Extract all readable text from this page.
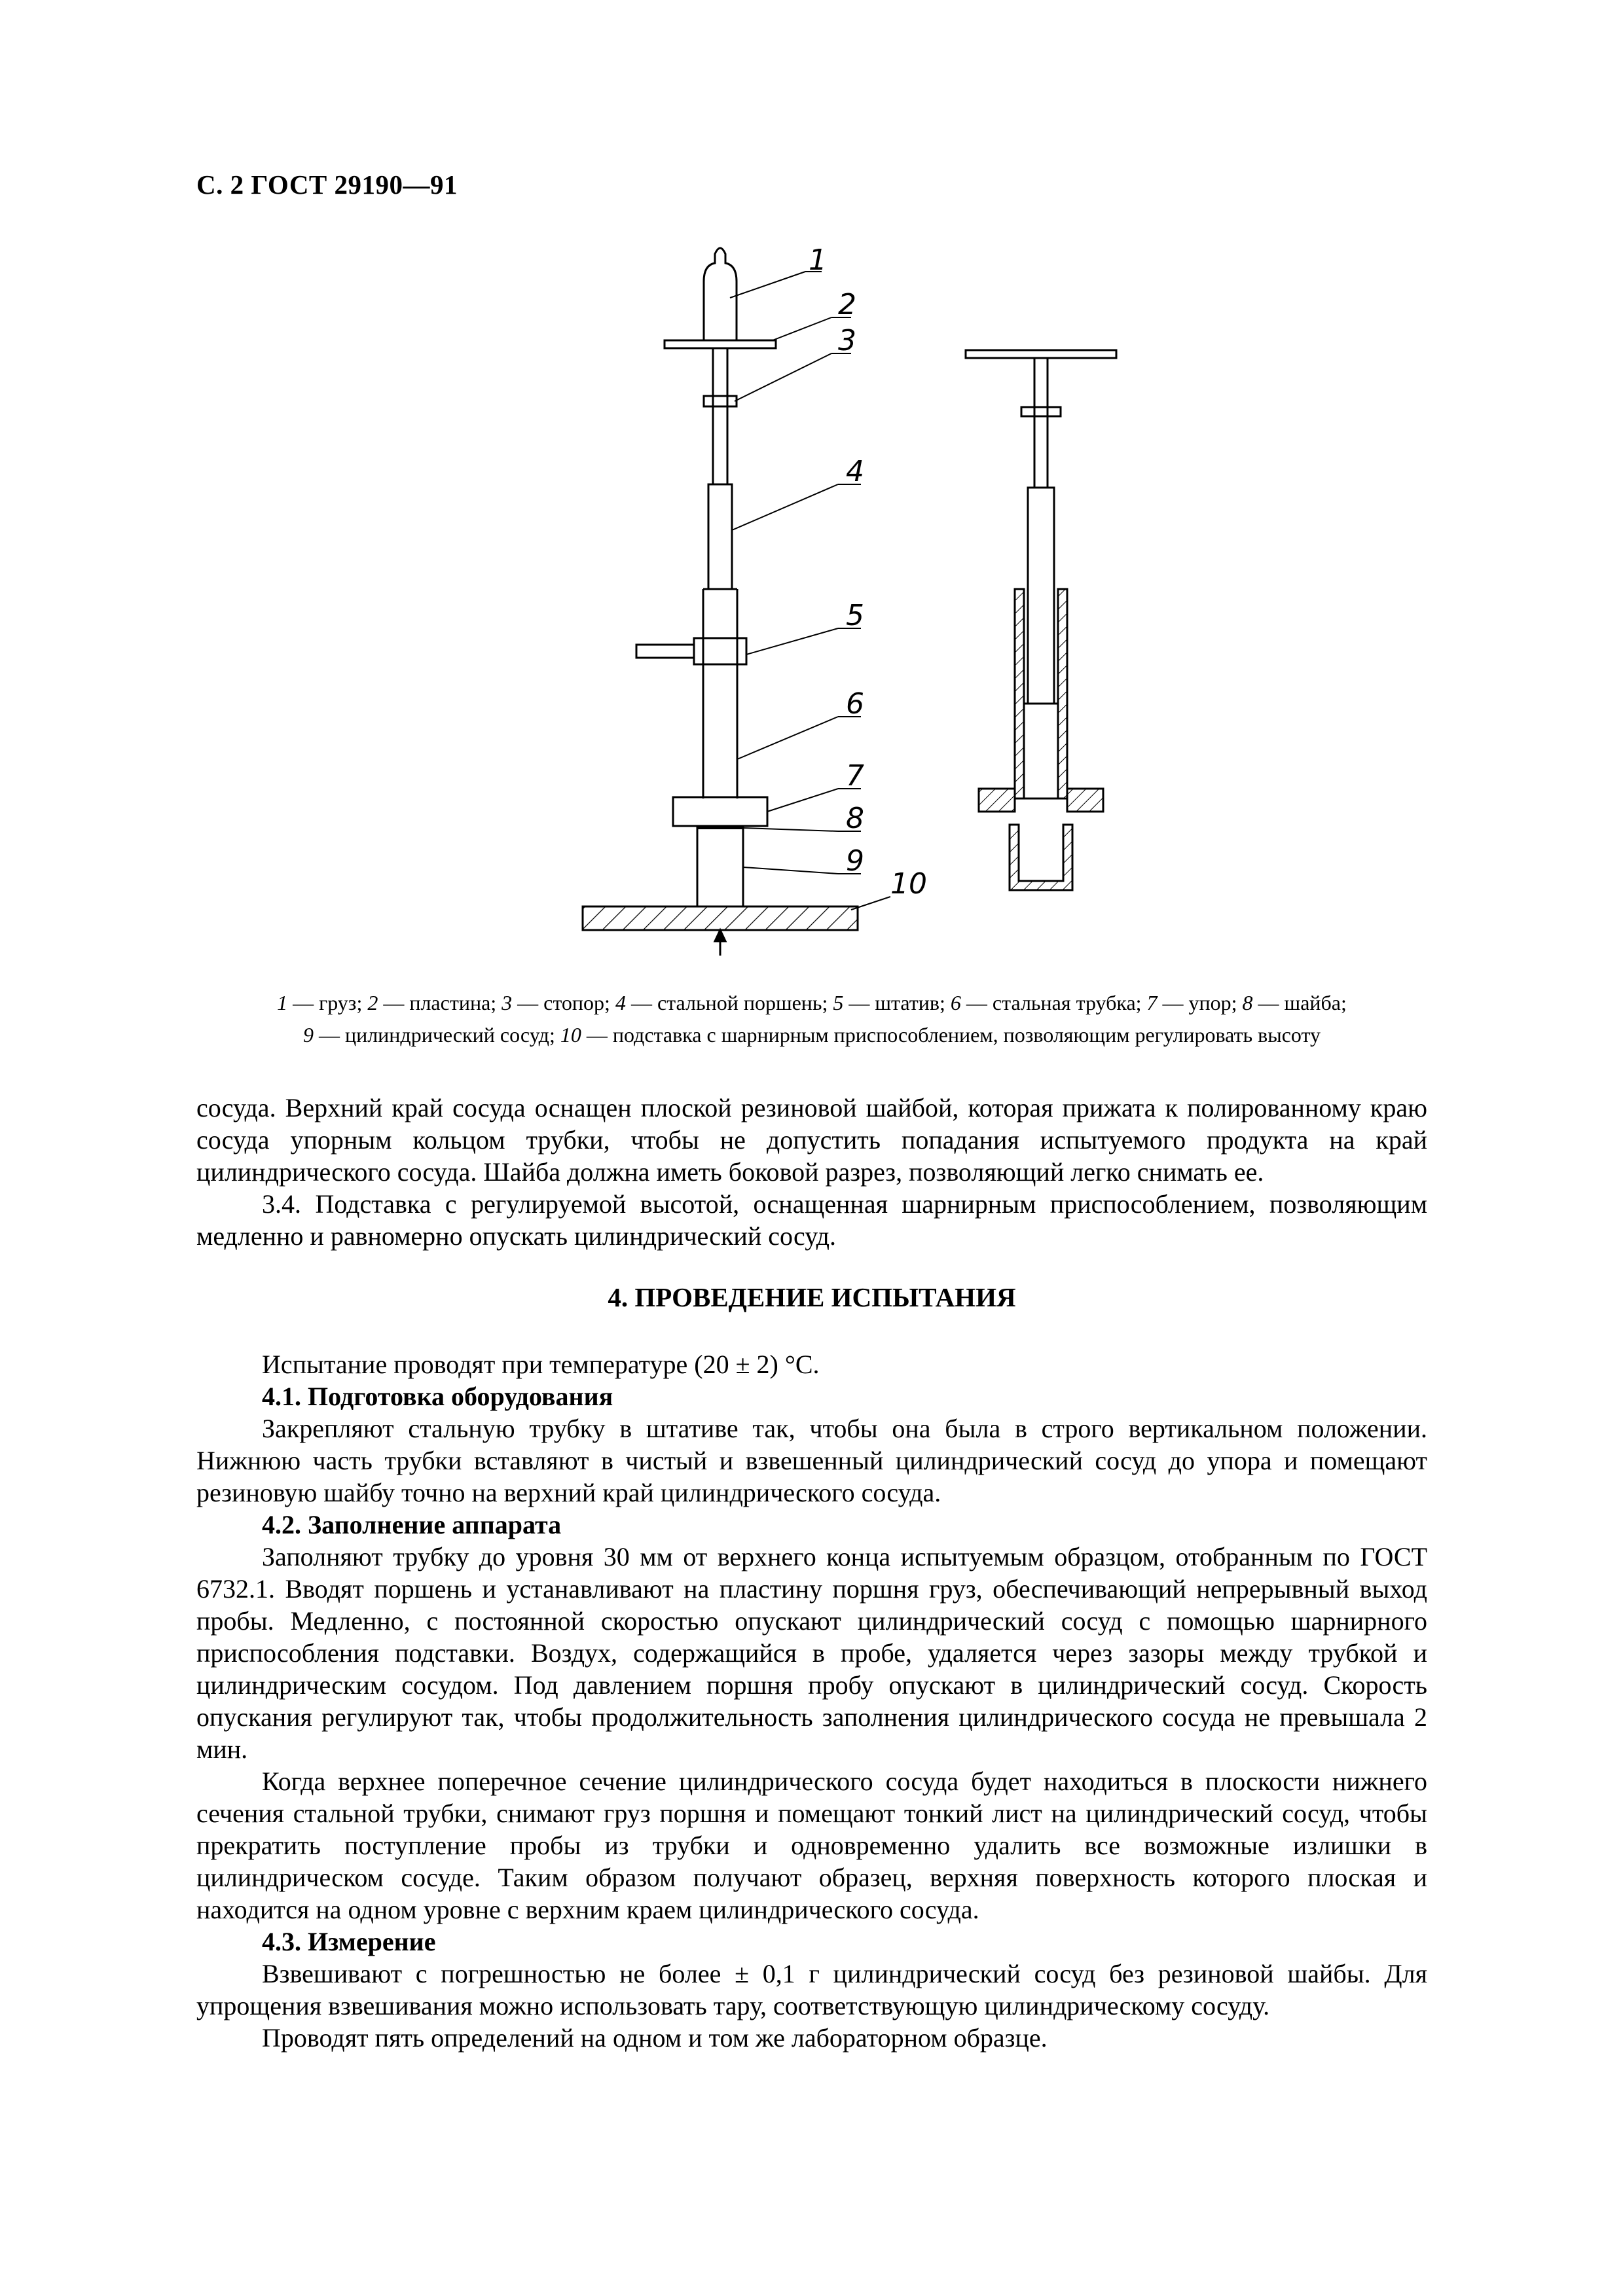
С. 2 ГОСТ 29190—91
1
2
3
4
5
6
7
8
9
10

1 — груз; 2 — пластина; 3 — стопор; 4 — стальной поршень; 5 — штатив; 6 — стальная трубка; 7 — упор; 8 — шайба;

9 — цилиндрический сосуд; 10 — подставка с шарнирным приспособлением, позволяющим регулировать высоту

сосуда. Верхний край сосуда оснащен плоской резиновой шайбой, которая прижата к полированному краю сосуда упорным кольцом трубки, чтобы не допустить попадания испытуемого продукта на край цилиндрического сосуда. Шайба должна иметь боковой разрез, позволяющий легко снимать ее.

3.4. Подставка с регулируемой высотой, оснащенная шарнирным приспособлением, позволяющим медленно и равномерно опускать цилиндрический сосуд.

4. ПРОВЕДЕНИЕ ИСПЫТАНИЯ

Испытание проводят при температуре (20 ± 2) °С.

4.1. Подготовка оборудования

Закрепляют стальную трубку в штативе так, чтобы она была в строго вертикальном положении. Нижнюю часть трубки вставляют в чистый и взвешенный цилиндрический сосуд до упора и помещают резиновую шайбу точно на верхний край цилиндрического сосуда.

4.2. Заполнение аппарата

Заполняют трубку до уровня 30 мм от верхнего конца испытуемым образцом, отобранным по ГОСТ 6732.1. Вводят поршень и устанавливают на пластину поршня груз, обеспечивающий непрерывный выход пробы. Медленно, с постоянной скоростью опускают цилиндрический сосуд с помощью шарнирного приспособления подставки. Воздух, содержащийся в пробе, удаляется через зазоры между трубкой и цилиндрическим сосудом. Под давлением поршня пробу опускают в цилиндрический сосуд. Скорость опускания регулируют так, чтобы продолжительность заполнения цилиндрического сосуда не превышала 2 мин.

Когда верхнее поперечное сечение цилиндрического сосуда будет находиться в плоскости нижнего сечения стальной трубки, снимают груз поршня и помещают тонкий лист на цилиндрический сосуд, чтобы прекратить поступление пробы из трубки и одновременно удалить все возможные излишки в цилиндрическом сосуде. Таким образом получают образец, верхняя поверхность которого плоская и находится на одном уровне с верхним краем цилиндрического сосуда.

4.3. Измерение

Взвешивают с погрешностью не более ± 0,1 г цилиндрический сосуд без резиновой шайбы. Для упрощения взвешивания можно использовать тару, соответствующую цилиндрическому сосуду.

Проводят пять определений на одном и том же лабораторном образце.
